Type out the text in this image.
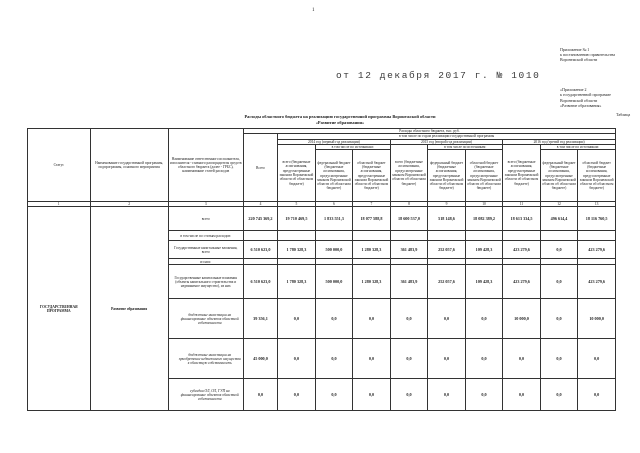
1
Приложение № 1
к постановлению правительства
Воронежской области
от 12 декабря 2017 г. № 1010
«Приложение 2
к государственной программе
Воронежской области
«Развитие образования»
Таблица
Расходы областного бюджета на реализацию государственной программы Воронежской области
«Развитие образования»
Статус	Наименование государственной программы, подпрограммы, основного мероприятия	Наименование ответственного исполнителя, исполнителя - главного распорядителя средств областного бюджета (далее - ГРБС), наименование статей расходов	Расходы областного бюджета, тыс. руб.									
			Всего	в том числе по годам реализации государственной программы								
				2014 год (первый год реализации)			2015 год (второй год реализации)			2016 год (третий год реализации)		
				всего (бюджетные ассигнования, предусмотренные законом Воронежской области об областном бюджете)	в том числе по источникам:		всего (бюджетные ассигнования, предусмотренные законом Воронежской области об областном бюджете)	в том числе по источникам:		всего (бюджетные ассигнования, предусмотренные законом Воронежской области об областном бюджете)	в том числе по источникам:	
					федеральный бюджет (бюджетные ассигнования, предусмотренные законом Воронежской области об областном бюджете)	областной бюджет (бюджетные ассигнования, предусмотренные законом Воронежской области об областном бюджете)		федеральный бюджет (бюджетные ассигнования, предусмотренные законом Воронежской области об областном бюджете)	областной бюджет (бюджетные ассигнования, предусмотренные законом Воронежской области об областном бюджете)		федеральный бюджет (бюджетные ассигнования, предусмотренные законом Воронежской области об областном бюджете)	областной бюджет (бюджетные ассигнования, предусмотренные законом Воронежской области об областном бюджете)
1	2	3	4	5	6	7	8	9	10	11	12	13
ГОСУДАРСТВЕННАЯ ПРОГРАММА	Развитие образования	всего	220 745 369,2	19 710 469,5	1 833 551,3	18 077 588,8	18 600 537,0	518 148,6	18 082 389,2	18 613 334,5	496 614,4	18 116 760,5
		в том числе по статьям расходов:										
		Государственные капитальные вложения, всего	6 510 623,0	1 780 328,3	500 000,0	1 280 328,3	361 483,9	252 057,6	109 428,3	423 279,6	0,0	423 279,6
		из них:										
		Государственные капитальные вложения (объекты капитального строительства и недвижимое имущество), из них	6 510 623,0	1 780 328,3	500 000,0	1 280 328,3	361 483,9	252 057,6	109 428,3	423 279,6	0,0	423 279,6
		бюджетные инвестиции на финансирование объектов областной собственности	39 356,1	0,0	0,0	0,0	0,0	0,0	0,0	10 000,0	0,0	10 000,0
		бюджетные инвестиции на приобретение недвижимого имущества в областную собственность	45 000,0	0,0	0,0	0,0	0,0	0,0	0,0	0,0	0,0	0,0
		субсидии ОЛ, ОЛ, ГУП на финансирование объектов областной собственности	0,0	0,0	0,0	0,0	0,0	0,0	0,0	0,0	0,0	0,0
